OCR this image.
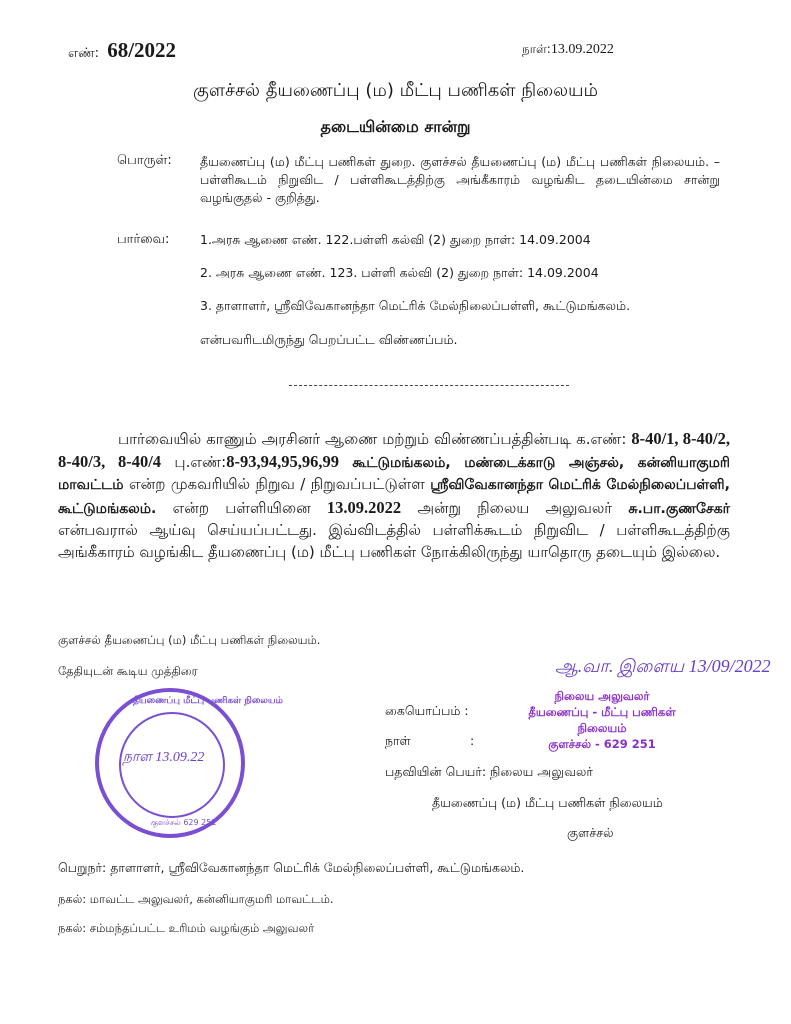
எண்: 68/2022	நாள்:13.09.2022
குளச்சல் தீயணைப்பு (ம) மீட்பு பணிகள் நிலையம்
தடையின்மை சான்று
பொருள்: தீயணைப்பு (ம) மீட்பு பணிகள் துறை. குளச்சல் தீயணைப்பு (ம) மீட்பு பணிகள் நிலையம். – பள்ளிகூடம் நிறுவிட / பள்ளிகூடத்திற்கு அங்கீகாரம் வழங்கிட தடையின்மை சான்று வழங்குதல் - குறித்து.
பார்வை: 1.அரசு ஆணை எண். 122.பள்ளி கல்வி (2) துறை நாள்: 14.09.2004
2. அரசு ஆணை எண். 123. பள்ளி கல்வி (2) துறை நாள்: 14.09.2004
3. தாளாளர், ஸ்ரீவிவேகானந்தா மெட்ரிக் மேல்நிலைப்பள்ளி, கூட்டுமங்கலம்.
என்பவரிடமிருந்து பெறப்பட்ட விண்ணப்பம்.
பார்வையில் காணும் அரசினர் ஆணை மற்றும் விண்ணப்பத்தின்படி க.எண்: 8-40/1, 8-40/2, 8-40/3, 8-40/4 பு.எண்:8-93,94,95,96,99 கூட்டுமங்கலம், மண்டைக்காடு அஞ்சல், கன்னியாகுமரி மாவட்டம் என்ற முகவரியில் நிறுவ / நிறுவப்பட்டுள்ள ஸ்ரீவிவேகானந்தா மெட்ரிக் மேல்நிலைப்பள்ளி, கூட்டுமங்கலம். என்ற பள்ளியினை 13.09.2022 அன்று நிலைய அலுவலர் சு.பா.குணசேகர் என்பவரால் ஆய்வு செய்யப்பட்டது. இவ்விடத்தில் பள்ளிக்கூடம் நிறுவிட / பள்ளிகூடத்திற்கு அங்கீகாரம் வழங்கிட தீயணைப்பு (ம) மீட்பு பணிகள் நோக்கிலிருந்து யாதொரு தடையும் இல்லை.
குளச்சல் தீயணைப்பு (ம) மீட்பு பணிகள் நிலையம்.
தேதியுடன் கூடிய முத்திரை
தீயணைப்பு மீட்பு பணிகள் நிலையம்
நாள 13.09.22
குளச்சல் 629 251
ஆ.வா. இளைய 13/09/2022
நிலைய அலுவலர்
தீயணைப்பு - மீட்பு பணிகள் நிலையம்
குளச்சல் - 629 251
கையொப்பம் :
நாள்	:
பதவியின் பெயர்: நிலைய அலுவலர்
தீயணைப்பு (ம) மீட்பு பணிகள் நிலையம்
குளச்சல்
பெறுநர்: தாளாளர், ஸ்ரீவிவேகானந்தா மெட்ரிக் மேல்நிலைப்பள்ளி, கூட்டுமங்கலம்.
நகல்: மாவட்ட அலுவலர், கன்னியாகுமரி மாவட்டம்.
நகல்: சம்மந்தப்பட்ட உரிமம் வழங்கும் அலுவலர்
